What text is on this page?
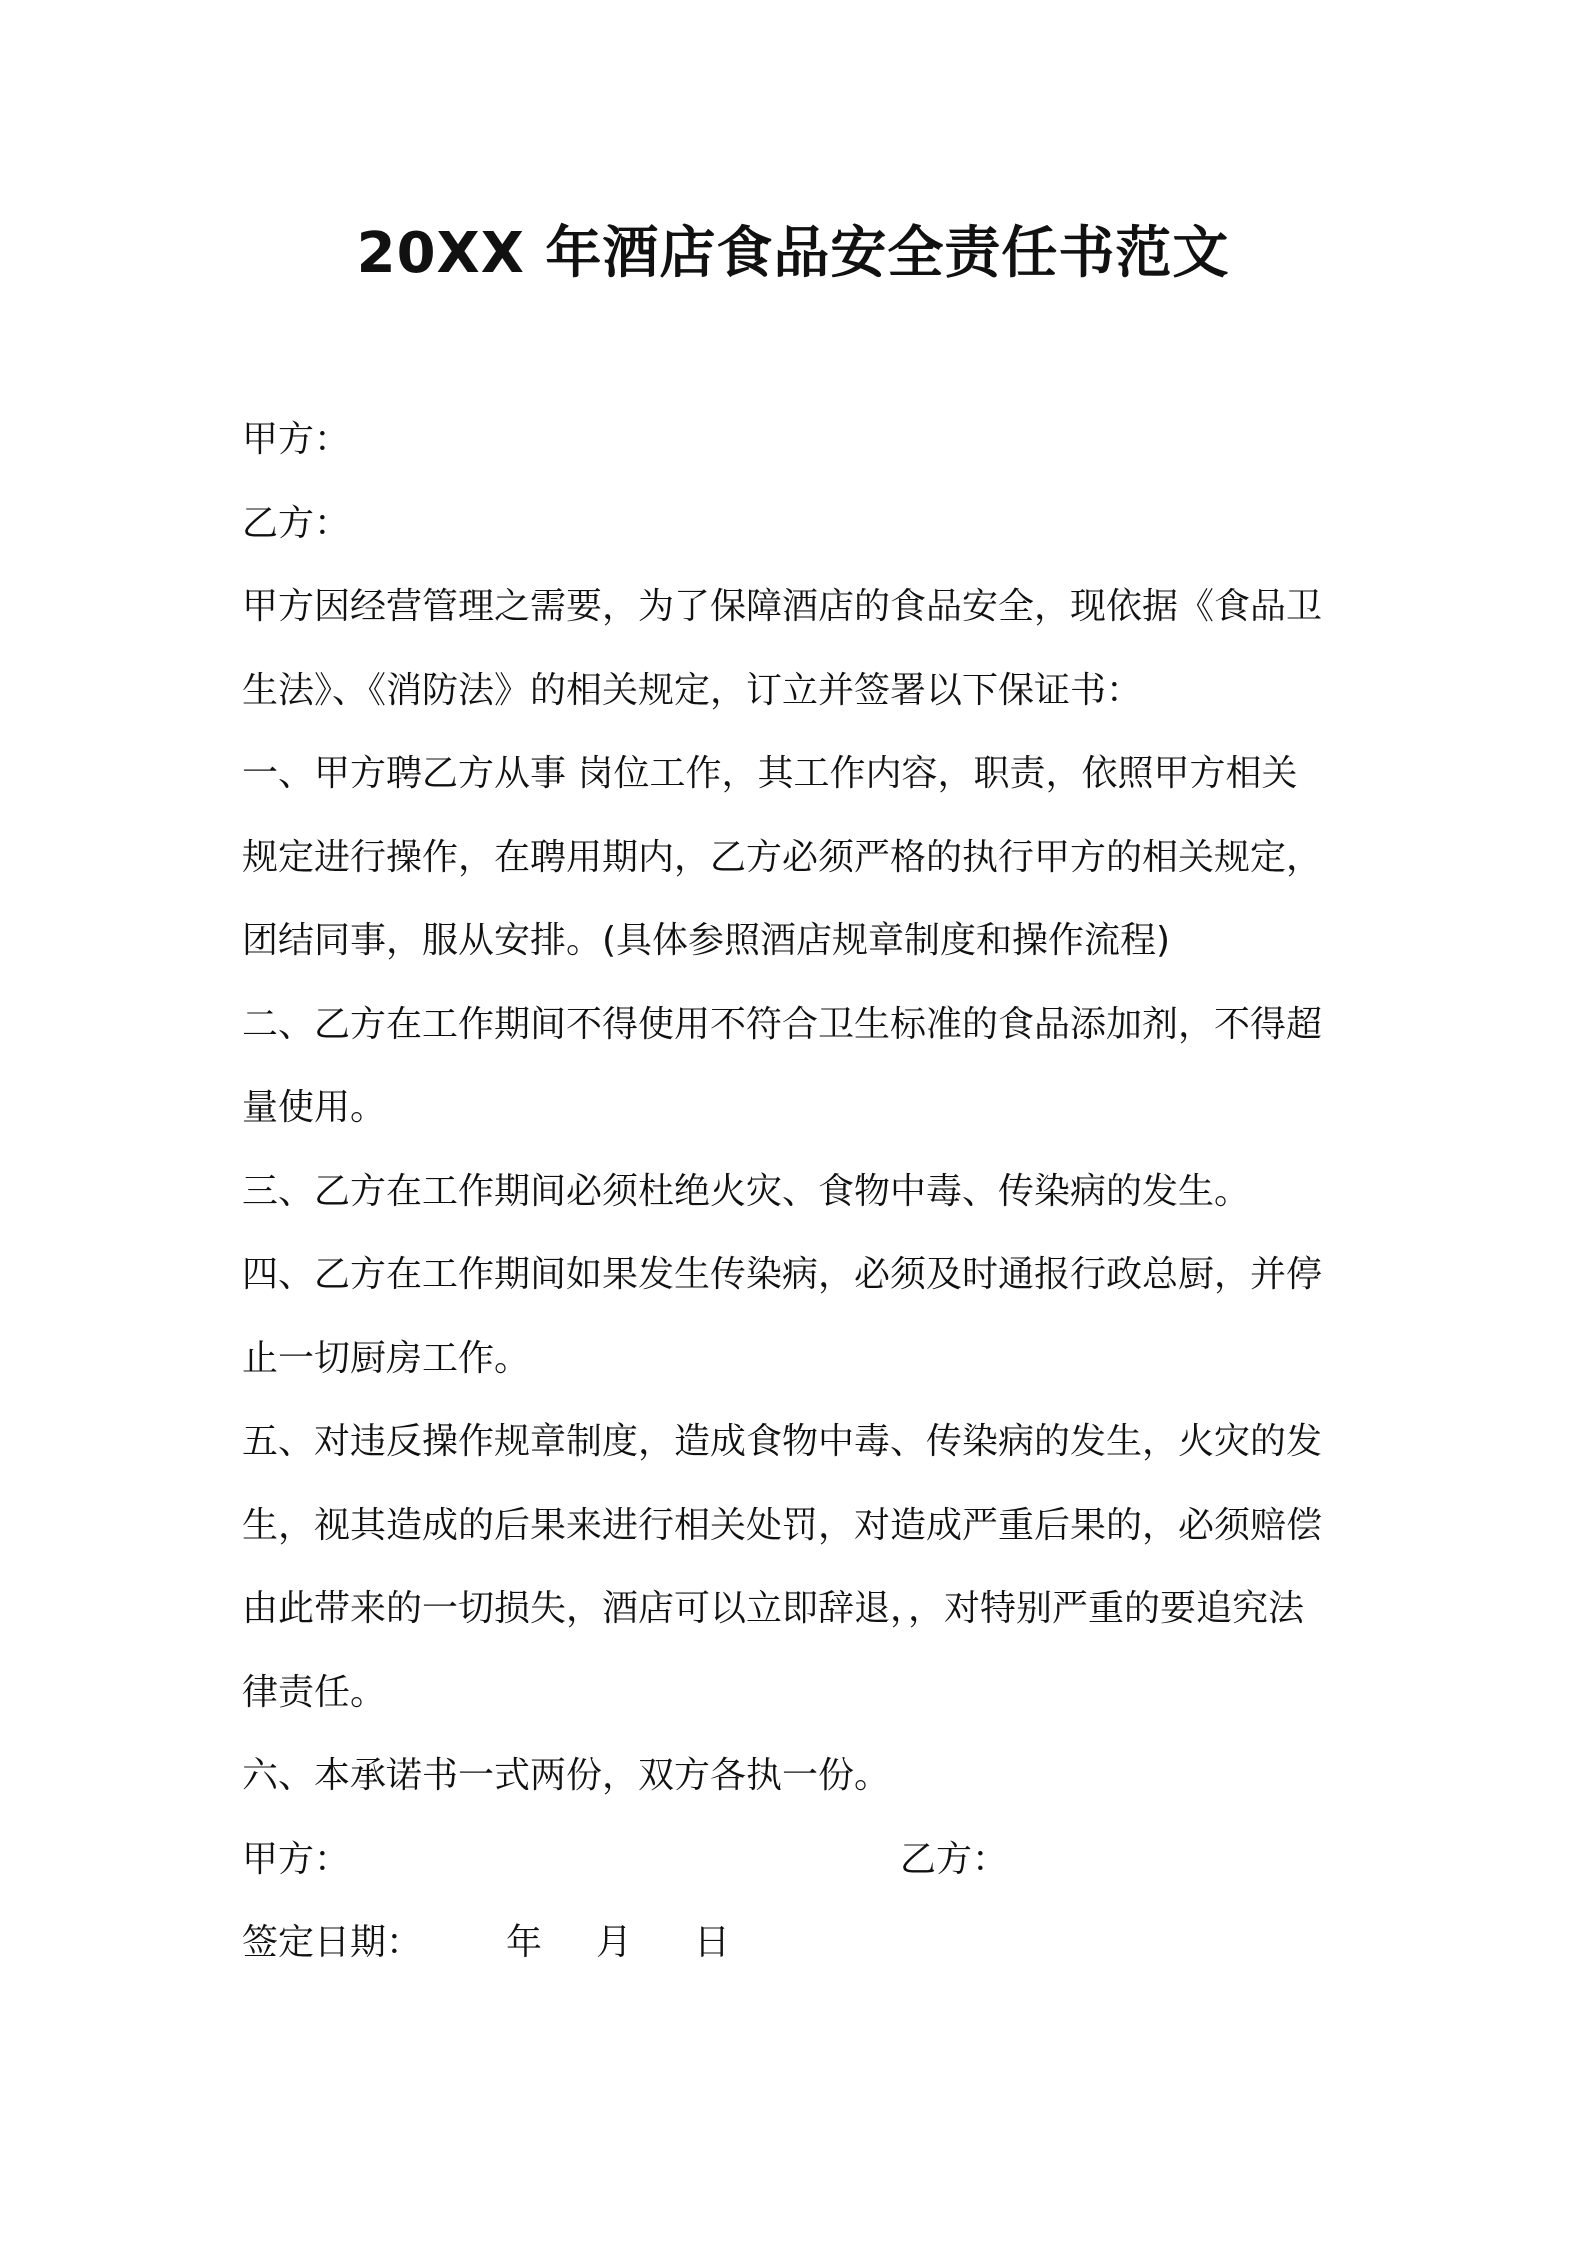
20XX 年酒店食品安全责任书范文
甲方：
乙方：
甲方因经营管理之需要，为了保障酒店的食品安全，现依据《食品卫
生法》、《消防法》的相关规定，订立并签署以下保证书：
一、甲方聘乙方从事 岗位工作，其工作内容，职责，依照甲方相关
规定进行操作，在聘用期内，乙方必须严格的执行甲方的相关规定，
团结同事，服从安排。(具体参照酒店规章制度和操作流程)
二、乙方在工作期间不得使用不符合卫生标准的食品添加剂，不得超
量使用。
三、乙方在工作期间必须杜绝火灾、食物中毒、传染病的发生。
四、乙方在工作期间如果发生传染病，必须及时通报行政总厨，并停
止一切厨房工作。
五、对违反操作规章制度，造成食物中毒、传染病的发生，火灾的发
生，视其造成的后果来进行相关处罚，对造成严重后果的，必须赔偿
由此带来的一切损失，酒店可以立即辞退，，对特别严重的要追究法
律责任。
六、本承诺书一式两份，双方各执一份。
甲方：	乙方：
签定日期： 年 月 日
